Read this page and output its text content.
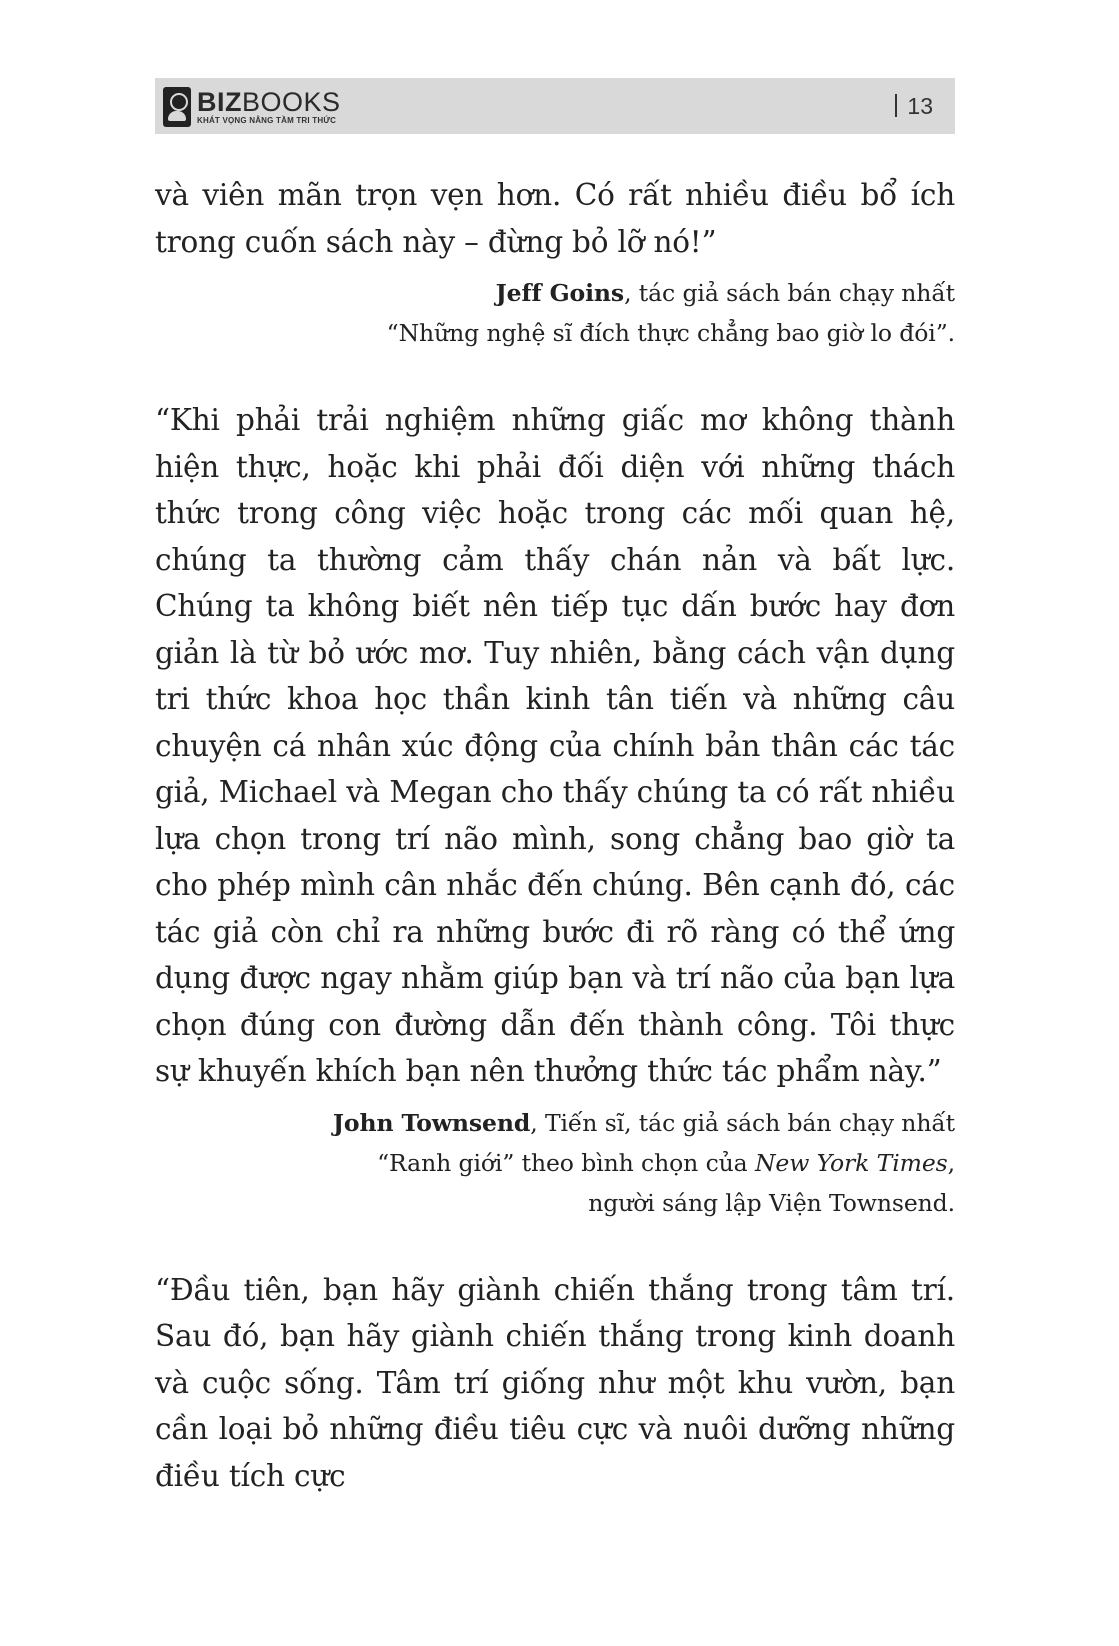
BIZBOOKS
KHÁT VỌNG NÂNG TẦM TRI THỨC
13

và viên mãn trọn vẹn hơn. Có rất nhiều điều bổ ích trong cuốn sách này – đừng bỏ lỡ nó!”

Jeff Goins, tác giả sách bán chạy nhất

“Những nghệ sĩ đích thực chẳng bao giờ lo đói”.

“Khi phải trải nghiệm những giấc mơ không thành hiện thực, hoặc khi phải đối diện với những thách thức trong công việc hoặc trong các mối quan hệ, chúng ta thường cảm thấy chán nản và bất lực. Chúng ta không biết nên tiếp tục dấn bước hay đơn giản là từ bỏ ước mơ. Tuy nhiên, bằng cách vận dụng tri thức khoa học thần kinh tân tiến và những câu chuyện cá nhân xúc động của chính bản thân các tác giả, Michael và Megan cho thấy chúng ta có rất nhiều lựa chọn trong trí não mình, song chẳng bao giờ ta cho phép mình cân nhắc đến chúng. Bên cạnh đó, các tác giả còn chỉ ra những bước đi rõ ràng có thể ứng dụng được ngay nhằm giúp bạn và trí não của bạn lựa chọn đúng con đường dẫn đến thành công. Tôi thực sự khuyến khích bạn nên thưởng thức tác phẩm này.”

John Townsend, Tiến sĩ, tác giả sách bán chạy nhất

“Ranh giới” theo bình chọn của New York Times,

người sáng lập Viện Townsend.

“Đầu tiên, bạn hãy giành chiến thắng trong tâm trí. Sau đó, bạn hãy giành chiến thắng trong kinh doanh và cuộc sống. Tâm trí giống như một khu vườn, bạn cần loại bỏ những điều tiêu cực và nuôi dưỡng những điều tích cực
